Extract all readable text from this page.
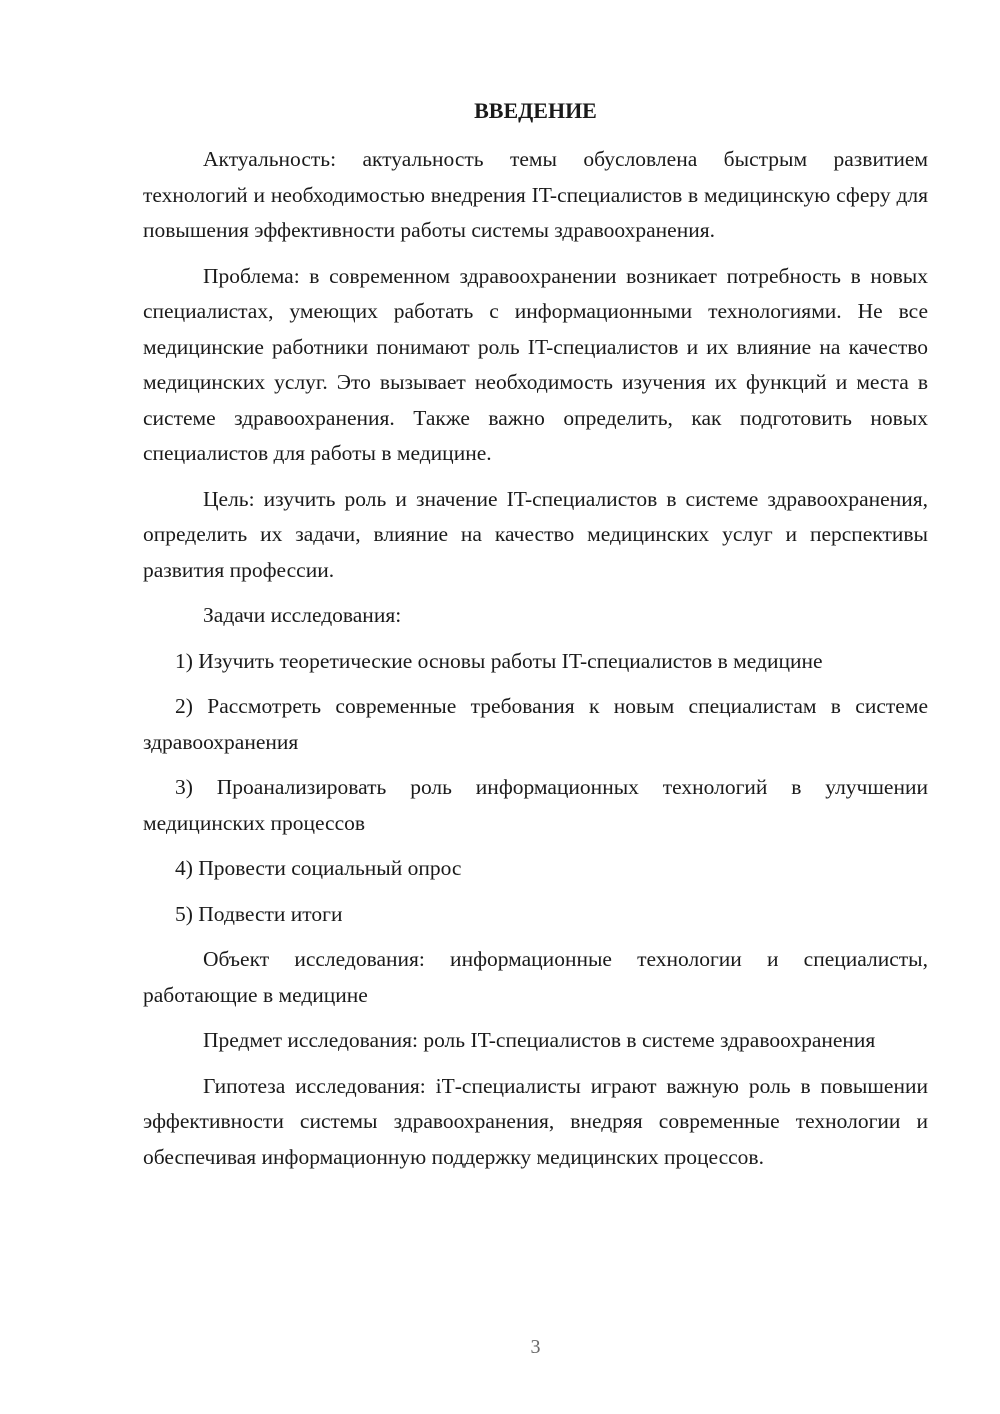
ВВЕДЕНИЕ

Актуальность: актуальность темы обусловлена быстрым развитием технологий и необходимостью внедрения IT-специалистов в медицинскую сферу для повышения эффективности работы системы здравоохранения.

Проблема: в современном здравоохранении возникает потребность в новых специалистах, умеющих работать с информационными технологиями. Не все медицинские работники понимают роль IT-специалистов и их влияние на качество медицинских услуг. Это вызывает необходимость изучения их функций и места в системе здравоохранения. Также важно определить, как подготовить новых специалистов для работы в медицине.

Цель: изучить роль и значение IT-специалистов в системе здравоохранения, определить их задачи, влияние на качество медицинских услуг и перспективы развития профессии.

Задачи исследования:

1) Изучить теоретические основы работы IT-специалистов в медицине

2) Рассмотреть современные требования к новым специалистам в системе здравоохранения

3) Проанализировать роль информационных технологий в улучшении медицинских процессов

4) Провести социальный опрос

5) Подвести итоги

Объект исследования: информационные технологии и специалисты, работающие в медицине

Предмет исследования: роль IT-специалистов в системе здравоохранения

Гипотеза исследования: iТ-специалисты играют важную роль в повышении эффективности системы здравоохранения, внедряя современные технологии и обеспечивая информационную поддержку медицинских процессов.

3
